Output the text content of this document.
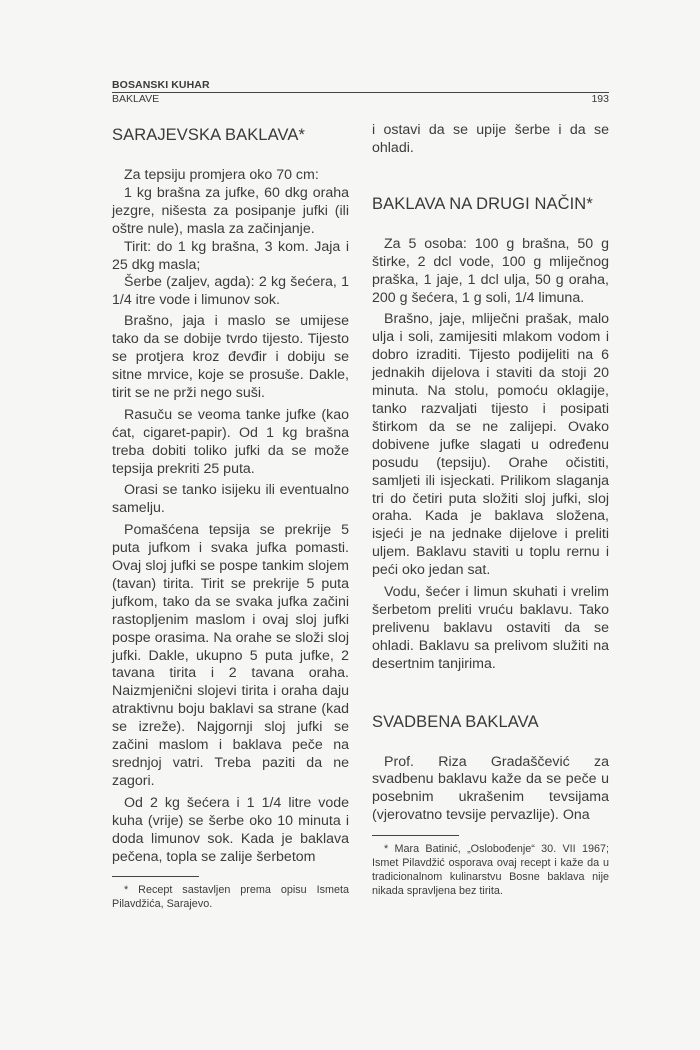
BOSANSKI KUHAR
BAKLAVE	193
SARAJEVSKA BAKLAVA*

Za tepsiju promjera oko 70 cm:

1 kg brašna za jufke, 60 dkg oraha jezgre, nišesta za posipanje jufki (ili oštre nule), masla za začinjanje.

Tirit: do 1 kg brašna, 3 kom. Jaja i 25 dkg masla;

Šerbe (zaljev, agda): 2 kg šećera, 1 1/4 itre vode i limunov sok.

Brašno, jaja i maslo se umijese tako da se dobije tvrdo tijesto. Tijesto se protjera kroz đevđir i dobiju se sitne mrvice, koje se prosuše. Dakle, tirit se ne prži nego suši.

Rasuču se veoma tanke jufke (kao ćat, cigaret-papir). Od 1 kg brašna treba dobiti toliko jufki da se može tepsija prekriti 25 puta.

Orasi se tanko isijeku ili eventualno samelju.

Pomašćena tepsija se prekrije 5 puta jufkom i svaka jufka pomasti. Ovaj sloj jufki se pospe tankim slojem (tavan) tirita. Tirit se prekrije 5 puta jufkom, tako da se svaka jufka začini rastopljenim maslom i ovaj sloj jufki pospe orasima. Na orahe se složi sloj jufki. Dakle, ukupno 5 puta jufke, 2 tavana tirita i 2 tavana oraha. Naizmjenični slojevi tirita i oraha daju atraktivnu boju baklavi sa strane (kad se izreže). Najgornji sloj jufki se začini maslom i baklava peče na srednjoj vatri. Treba paziti da ne zagori.

Od 2 kg šećera i 1 1/4 litre vode kuha (vrije) se šerbe oko 10 minuta i doda limunov sok. Kada je baklava pečena, topla se zalije šerbetom

* Recept sastavljen prema opisu Ismeta Pilavdžića, Sarajevo.

i ostavi da se upije šerbe i da se ohladi.

BAKLAVA NA DRUGI NAČIN*

Za 5 osoba: 100 g brašna, 50 g štirke, 2 dcl vode, 100 g mliječnog praška, 1 jaje, 1 dcl ulja, 50 g oraha, 200 g šećera, 1 g soli, 1/4 limuna.

Brašno, jaje, mliječni prašak, malo ulja i soli, zamijesiti mlakom vodom i dobro izraditi. Tijesto podijeliti na 6 jednakih dijelova i staviti da stoji 20 minuta. Na stolu, pomoću oklagije, tanko razvaljati tijesto i posipati štirkom da se ne zalijepi. Ovako dobivene jufke slagati u određenu posudu (tepsiju). Orahe očistiti, samljeti ili isjeckati. Prilikom slaganja tri do četiri puta složiti sloj jufki, sloj oraha. Kada je baklava složena, isjeći je na jednake dijelove i preliti uljem. Baklavu staviti u toplu rernu i peći oko jedan sat.

Vodu, šećer i limun skuhati i vrelim šerbetom preliti vruću baklavu. Tako prelivenu baklavu ostaviti da se ohladi. Baklavu sa prelivom služiti na desertnim tanjirima.

SVADBENA BAKLAVA

Prof. Riza Gradaščević za svadbenu baklavu kaže da se peče u posebnim ukrašenim tevsijama (vjerovatno tevsije pervazlije). Ona

* Mara Batinić, „Oslobođenje“ 30. VII 1967; Ismet Pilavdžić osporava ovaj recept i kaže da u tradicionalnom kulinarstvu Bosne baklava nije nikada spravljena bez tirita.
